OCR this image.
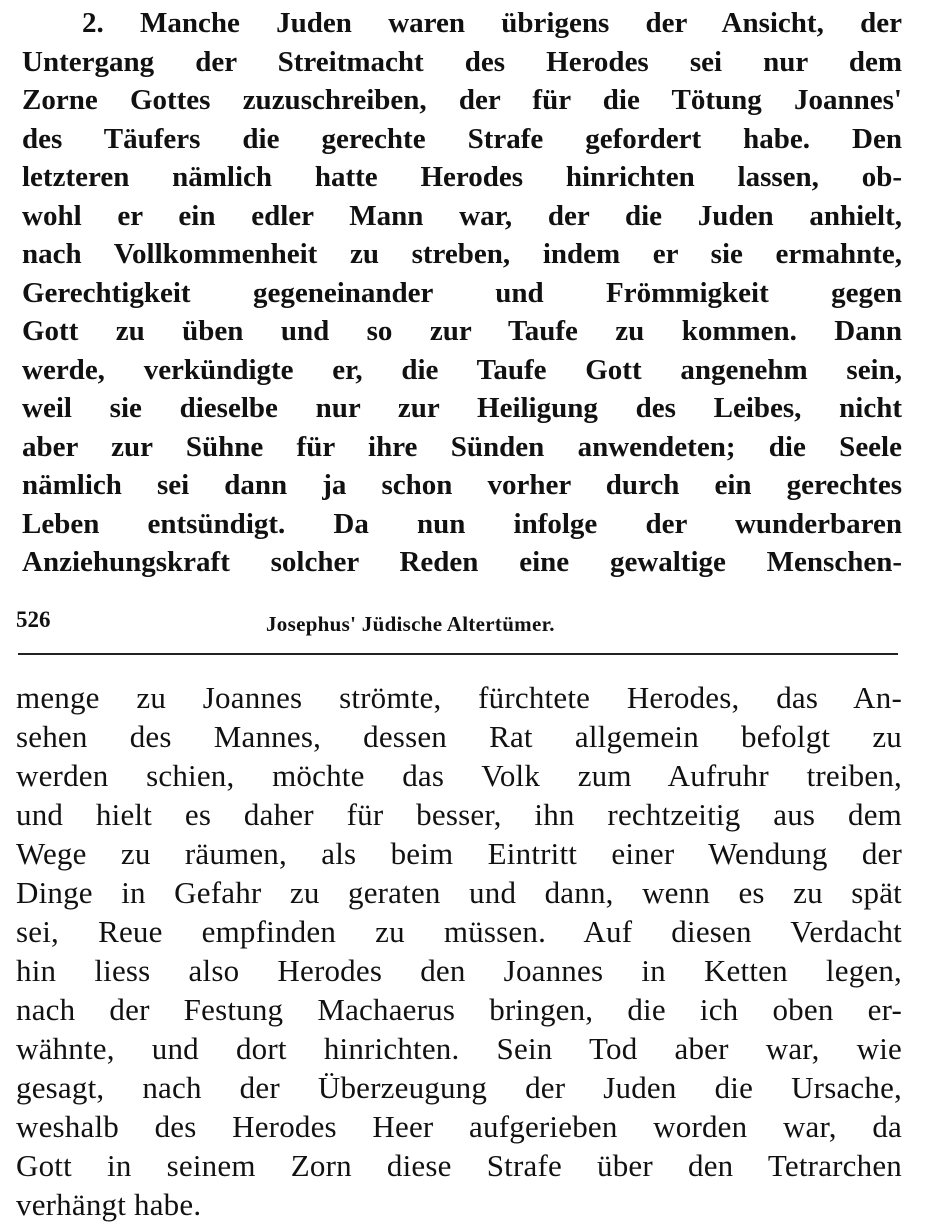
2. Manche Juden waren übrigens der Ansicht, der
Untergang der Streitmacht des Herodes sei nur dem
Zorne Gottes zuzuschreiben, der für die Tötung Joannes'
des Täufers die gerechte Strafe gefordert habe. Den
letzteren nämlich hatte Herodes hinrichten lassen, ob-
wohl er ein edler Mann war, der die Juden anhielt,
nach Vollkommenheit zu streben, indem er sie ermahnte,
Gerechtigkeit gegeneinander und Frömmigkeit gegen
Gott zu üben und so zur Taufe zu kommen. Dann
werde, verkündigte er, die Taufe Gott angenehm sein,
weil sie dieselbe nur zur Heiligung des Leibes, nicht
aber zur Sühne für ihre Sünden anwendeten; die Seele
nämlich sei dann ja schon vorher durch ein gerechtes
Leben entsündigt. Da nun infolge der wunderbaren
Anziehungskraft solcher Reden eine gewaltige Menschen-
526	Josephus' Jüdische Altertümer.
menge zu Joannes strömte, fürchtete Herodes, das An-
sehen des Mannes, dessen Rat allgemein befolgt zu
werden schien, möchte das Volk zum Aufruhr treiben,
und hielt es daher für besser, ihn rechtzeitig aus dem
Wege zu räumen, als beim Eintritt einer Wendung der
Dinge in Gefahr zu geraten und dann, wenn es zu spät
sei, Reue empfinden zu müssen. Auf diesen Verdacht
hin liess also Herodes den Joannes in Ketten legen,
nach der Festung Machaerus bringen, die ich oben er-
wähnte, und dort hinrichten. Sein Tod aber war, wie
gesagt, nach der Überzeugung der Juden die Ursache,
weshalb des Herodes Heer aufgerieben worden war, da
Gott in seinem Zorn diese Strafe über den Tetrarchen
verhängt habe.
